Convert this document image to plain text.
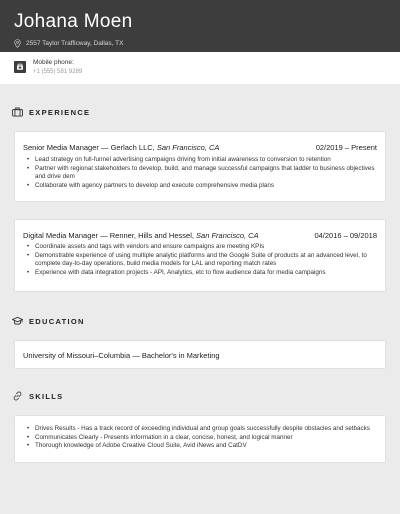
Johana Moen
2557 Taylor Trafficway, Dallas, TX
Mobile phone:
+1 (555) 581 9289
EXPERIENCE
Senior Media Manager — Gerlach LLC, San Francisco, CA	02/2019 – Present
• Lead strategy on full-funnel advertising campaigns driving from initial awareness to conversion to retention
• Partner with regional stakeholders to develop, build, and manage successful campaigns that ladder to business objectives and drive dem
• Collaborate with agency partners to develop and execute comprehensive media plans
Digital Media Manager — Renner, Hills and Hessel, San Francisco, CA	04/2016 – 09/2018
• Coordinate assets and tags with vendors and ensure campaigns are meeting KPIs
• Demonstrable experience of using multiple analytic platforms and the Google Suite of products at an advanced level, to complete day-to-day operations, build media models for LAL and reporting match rates
• Experience with data integration projects - API, Analytics, etc to flow audience data for media campaigns
EDUCATION
University of Missouri–Columbia — Bachelor's in Marketing
SKILLS
• Drives Results - Has a track record of exceeding individual and group goals successfully despite obstacles and setbacks
• Communicates Clearly - Presents information in a clear, concise, honest, and logical manner
• Thorough knowledge of Adobe Creative Cloud Suite, Avid iNews and CatDV
